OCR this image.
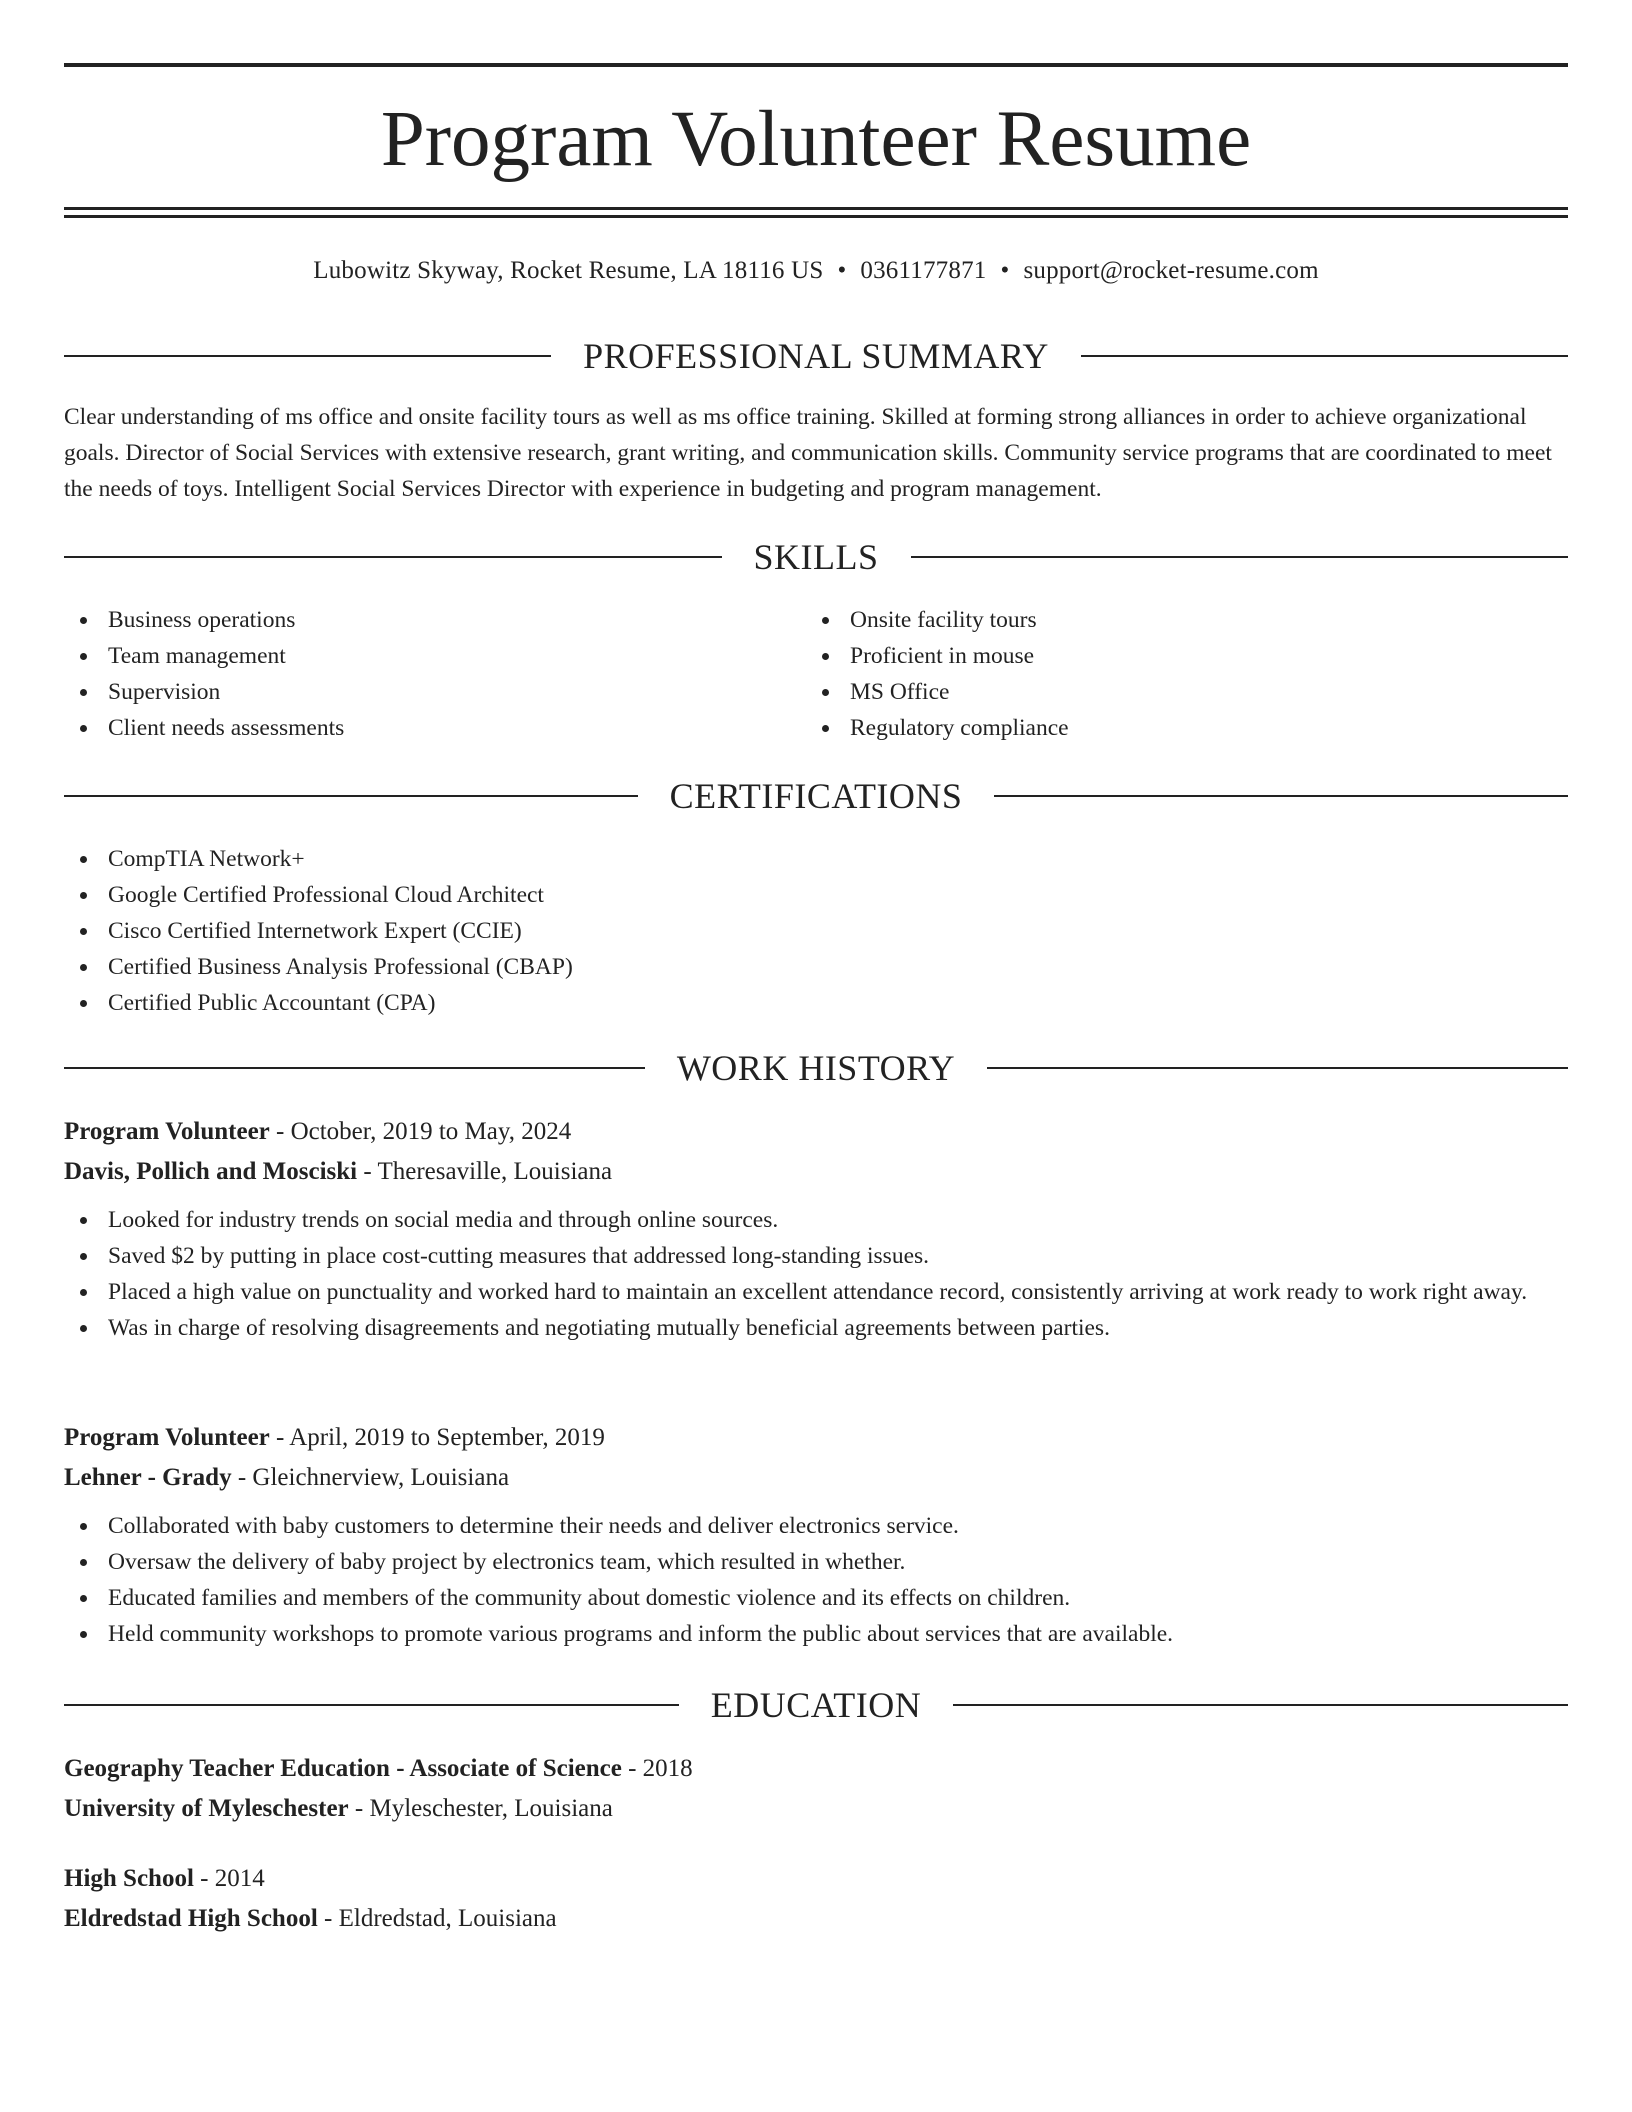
Program Volunteer Resume
Lubowitz Skyway, Rocket Resume, LA 18116 US • 0361177871 • support@rocket-resume.com
PROFESSIONAL SUMMARY

Clear understanding of ms office and onsite facility tours as well as ms office training. Skilled at forming strong alliances in order to achieve organizational goals. Director of Social Services with extensive research, grant writing, and communication skills. Community service programs that are coordinated to meet the needs of toys. Intelligent Social Services Director with experience in budgeting and program management.

SKILLS
Business operations
Team management
Supervision
Client needs assessments
Onsite facility tours
Proficient in mouse
MS Office
Regulatory compliance
CERTIFICATIONS
CompTIA Network+
Google Certified Professional Cloud Architect
Cisco Certified Internetwork Expert (CCIE)
Certified Business Analysis Professional (CBAP)
Certified Public Accountant (CPA)
WORK HISTORY
Program Volunteer - October, 2019 to May, 2024
Davis, Pollich and Mosciski - Theresaville, Louisiana
Looked for industry trends on social media and through online sources.
Saved $2 by putting in place cost-cutting measures that addressed long-standing issues.
Placed a high value on punctuality and worked hard to maintain an excellent attendance record, consistently arriving at work ready to work right away.
Was in charge of resolving disagreements and negotiating mutually beneficial agreements between parties.
Program Volunteer - April, 2019 to September, 2019
Lehner - Grady - Gleichnerview, Louisiana
Collaborated with baby customers to determine their needs and deliver electronics service.
Oversaw the delivery of baby project by electronics team, which resulted in whether.
Educated families and members of the community about domestic violence and its effects on children.
Held community workshops to promote various programs and inform the public about services that are available.
EDUCATION
Geography Teacher Education - Associate of Science - 2018
University of Myleschester - Myleschester, Louisiana
High School - 2014
Eldredstad High School - Eldredstad, Louisiana
